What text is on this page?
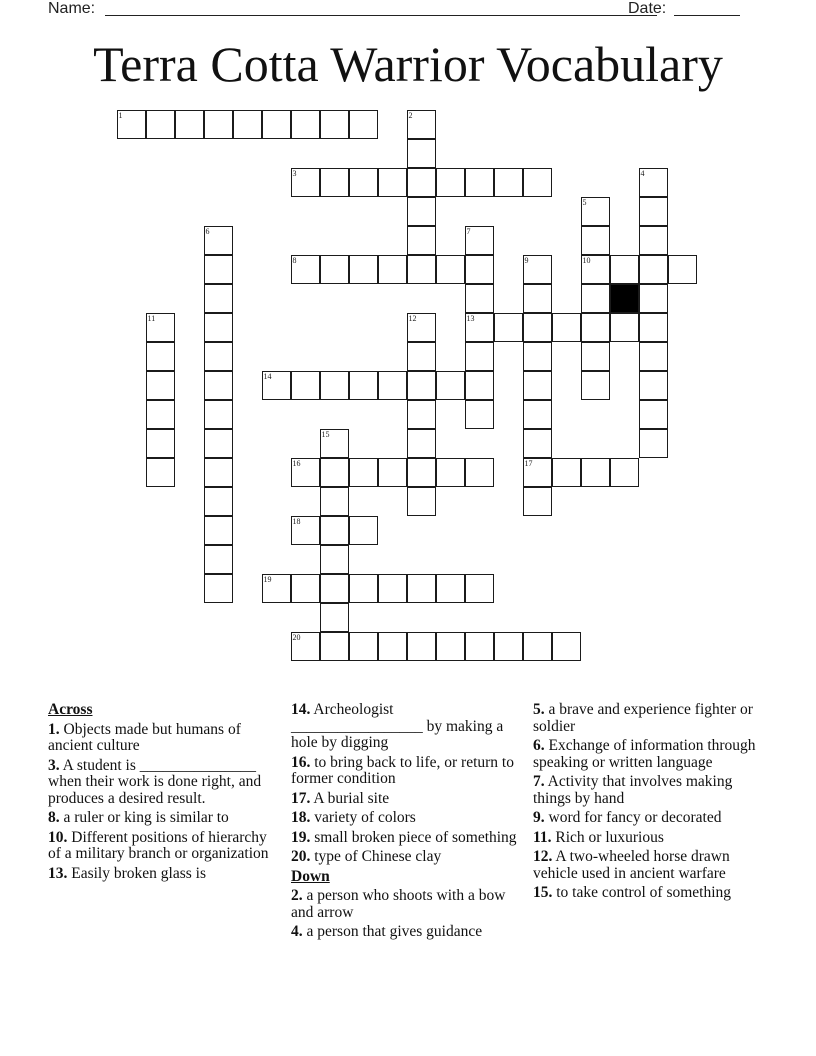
Name:	Date:
Terra Cotta Warrior Vocabulary
1	2
3	4
5
10
6	7
13
8	9
17
11	12
14
15
16
18
19
20
Across
1. Objects made but humans of ancient culture
3. A student is _______________ when their work is done right, and produces a desired result.
8. a ruler or king is similar to
10. Different positions of hierarchy of a military branch or organization
13. Easily broken glass is
14. Archeologist _________________ by making a hole by digging
16. to bring back to life, or return to former condition
17. A burial site
18. variety of colors
19. small broken piece of something
20. type of Chinese clay
Down
2. a person who shoots with a bow and arrow
4. a person that gives guidance
5. a brave and experience fighter or soldier
6. Exchange of information through speaking or written language
7. Activity that involves making things by hand
9. word for fancy or decorated
11. Rich or luxurious
12. A two-wheeled horse drawn vehicle used in ancient warfare
15. to take control of something
